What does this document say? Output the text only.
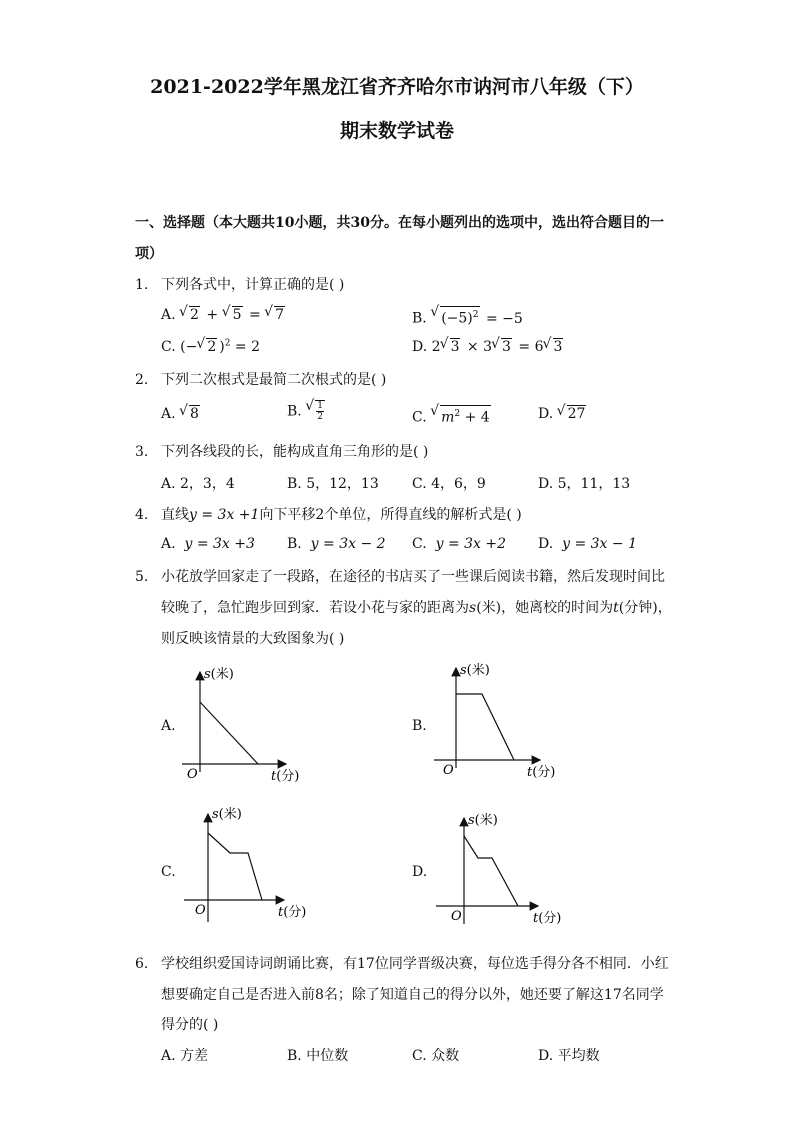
2021-2022学年黑龙江省齐齐哈尔市讷河市八年级（下）
期末数学试卷
一、选择题（本大题共10小题，共30分。在每小题列出的选项中，选出符合题目的一
项）
1. 下列各式中，计算正确的是( )
A. √ 2 + √ 5 = √ 7	B. √ $(-5)^2 = -5$
C. (− √ 2 )$^2$ = 2	D. 2 √ 3 × 3 √ 3 = 6 √ 3
2. 下列二次根式是最简二次根式的是( )
A. √ 8	B. √ $\frac{1}{2}$	C. √ $m^2 + 4$	D. √ 27
3. 下列各线段的长，能构成直角三角形的是( )
A. 2，3，4	B. 5，12，13 C. 4，6，9	D. 5，11，13
4. 直线y = 3x +1向下平移2个单位，所得直线的解析式是( )
A. y = 3x +3 B. y = 3x − 2 C. y = 3x +2 D. y = 3x − 1
5. 小花放学回家走了一段路，在途径的书店买了一些课后阅读书籍，然后发现时间比
较晚了，急忙跑步回到家．若设小花与家的距离为s(米)，她离校的时间为t(分钟)，
则反映该情景的大致图象为( )
A.	B.
C.	D.
s(米)
O	t(分)
s(米)
O	t(分)
s(米)
O	t(分)
s(米)
O	t(分)
6. 学校组织爱国诗词朗诵比赛，有17位同学晋级决赛，每位选手得分各不相同．小红
想要确定自己是否进入前8名；除了知道自己的得分以外，她还要了解这17名同学
得分的( )
A. 方差	B. 中位数	C. 众数	D. 平均数
